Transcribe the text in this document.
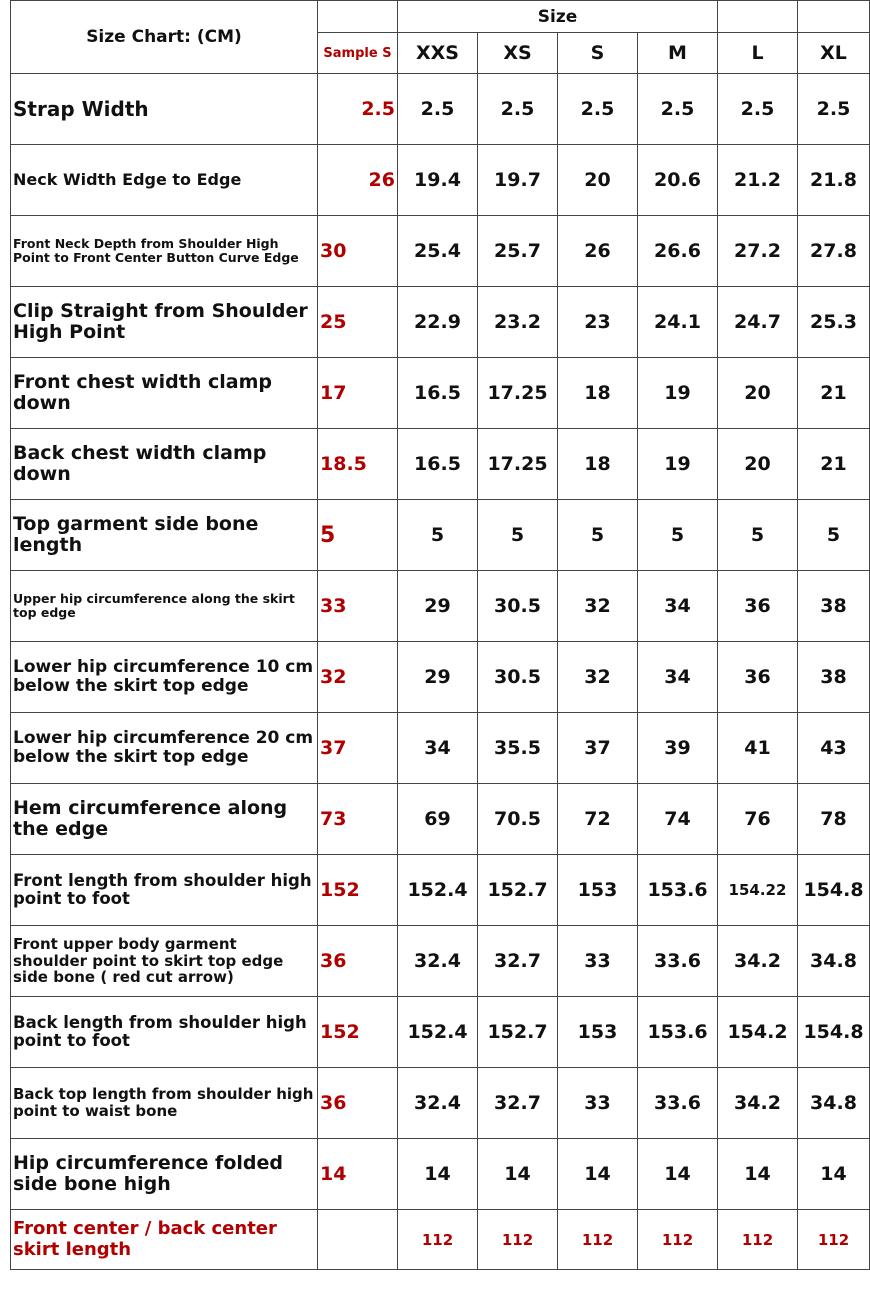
Size Chart: (CM)		Size					
	Sample S	XXS	XS	S	M	L	XL
Strap Width	2.5	2.5	2.5	2.5	2.5	2.5	2.5
Neck Width Edge to Edge	26	19.4	19.7	20	20.6	21.2	21.8
Front Neck Depth from Shoulder High Point to Front Center Button Curve Edge	30	25.4	25.7	26	26.6	27.2	27.8
Clip Straight from Shoulder High Point	25	22.9	23.2	23	24.1	24.7	25.3
Front chest width clamp down	17	16.5	17.25	18	19	20	21
Back chest width clamp down	18.5	16.5	17.25	18	19	20	21
Top garment side bone length	5	5	5	5	5	5	5
Upper hip circumference along the skirt top edge	33	29	30.5	32	34	36	38
Lower hip circumference 10 cm below the skirt top edge	32	29	30.5	32	34	36	38
Lower hip circumference 20 cm below the skirt top edge	37	34	35.5	37	39	41	43
Hem circumference along the edge	73	69	70.5	72	74	76	78
Front length from shoulder high point to foot	152	152.4	152.7	153	153.6	154.22	154.8
Front upper body garment shoulder point to skirt top edge side bone ( red cut arrow)	36	32.4	32.7	33	33.6	34.2	34.8
Back length from shoulder high point to foot	152	152.4	152.7	153	153.6	154.2	154.8
Back top length from shoulder high point to waist bone	36	32.4	32.7	33	33.6	34.2	34.8
Hip circumference folded side bone high	14	14	14	14	14	14	14
Front center / back center skirt length		112	112	112	112	112	112
